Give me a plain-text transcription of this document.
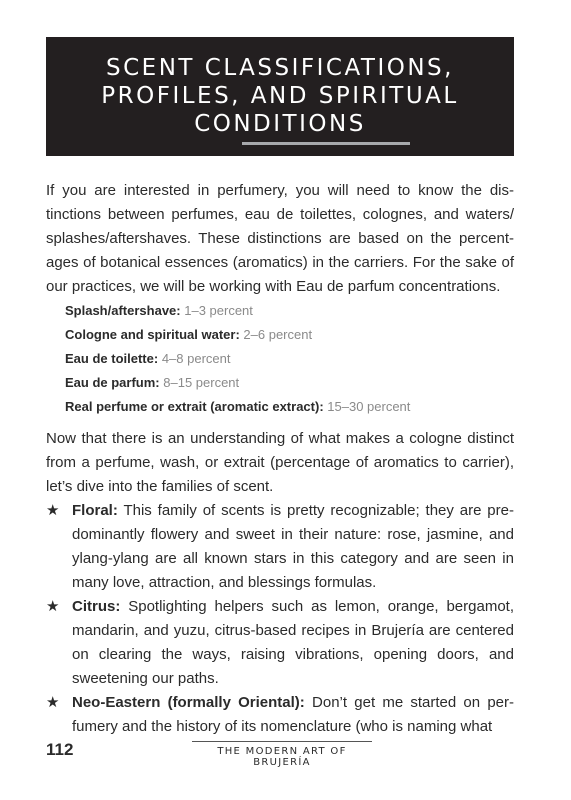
SCENT CLASSIFICATIONS,
PROFILES, AND SPIRITUAL
CONDITIONS

If you are interested in perfumery, you will need to know the distinctions between perfumes, eau de toilettes, colognes, and waters/ splashes/aftershaves. These distinctions are based on the percentages of botanical essences (aromatics) in the carriers. For the sake of our practices, we will be working with Eau de parfum concentrations.

Splash/aftershave: 1–3 percent
Cologne and spiritual water: 2–6 percent
Eau de toilette: 4–8 percent
Eau de parfum: 8–15 percent
Real perfume or extrait (aromatic extract): 15–30 percent

Now that there is an understanding of what makes a cologne distinct from a perfume, wash, or extrait (percentage of aromatics to carrier), let’s dive into the families of scent.

★ Floral: This family of scents is pretty recognizable; they are predominantly flowery and sweet in their nature: rose, jasmine, and ylang-ylang are all known stars in this category and are seen in many love, attraction, and blessings formulas.
★ Citrus: Spotlighting helpers such as lemon, orange, bergamot, mandarin, and yuzu, citrus-based recipes in Brujería are centered on clearing the ways, raising vibrations, opening doors, and sweetening our paths.
★ Neo-Eastern (formally Oriental): Don’t get me started on perfumery and the history of its nomenclature (who is naming what
112	THE MODERN ART OF BRUJERÍA
